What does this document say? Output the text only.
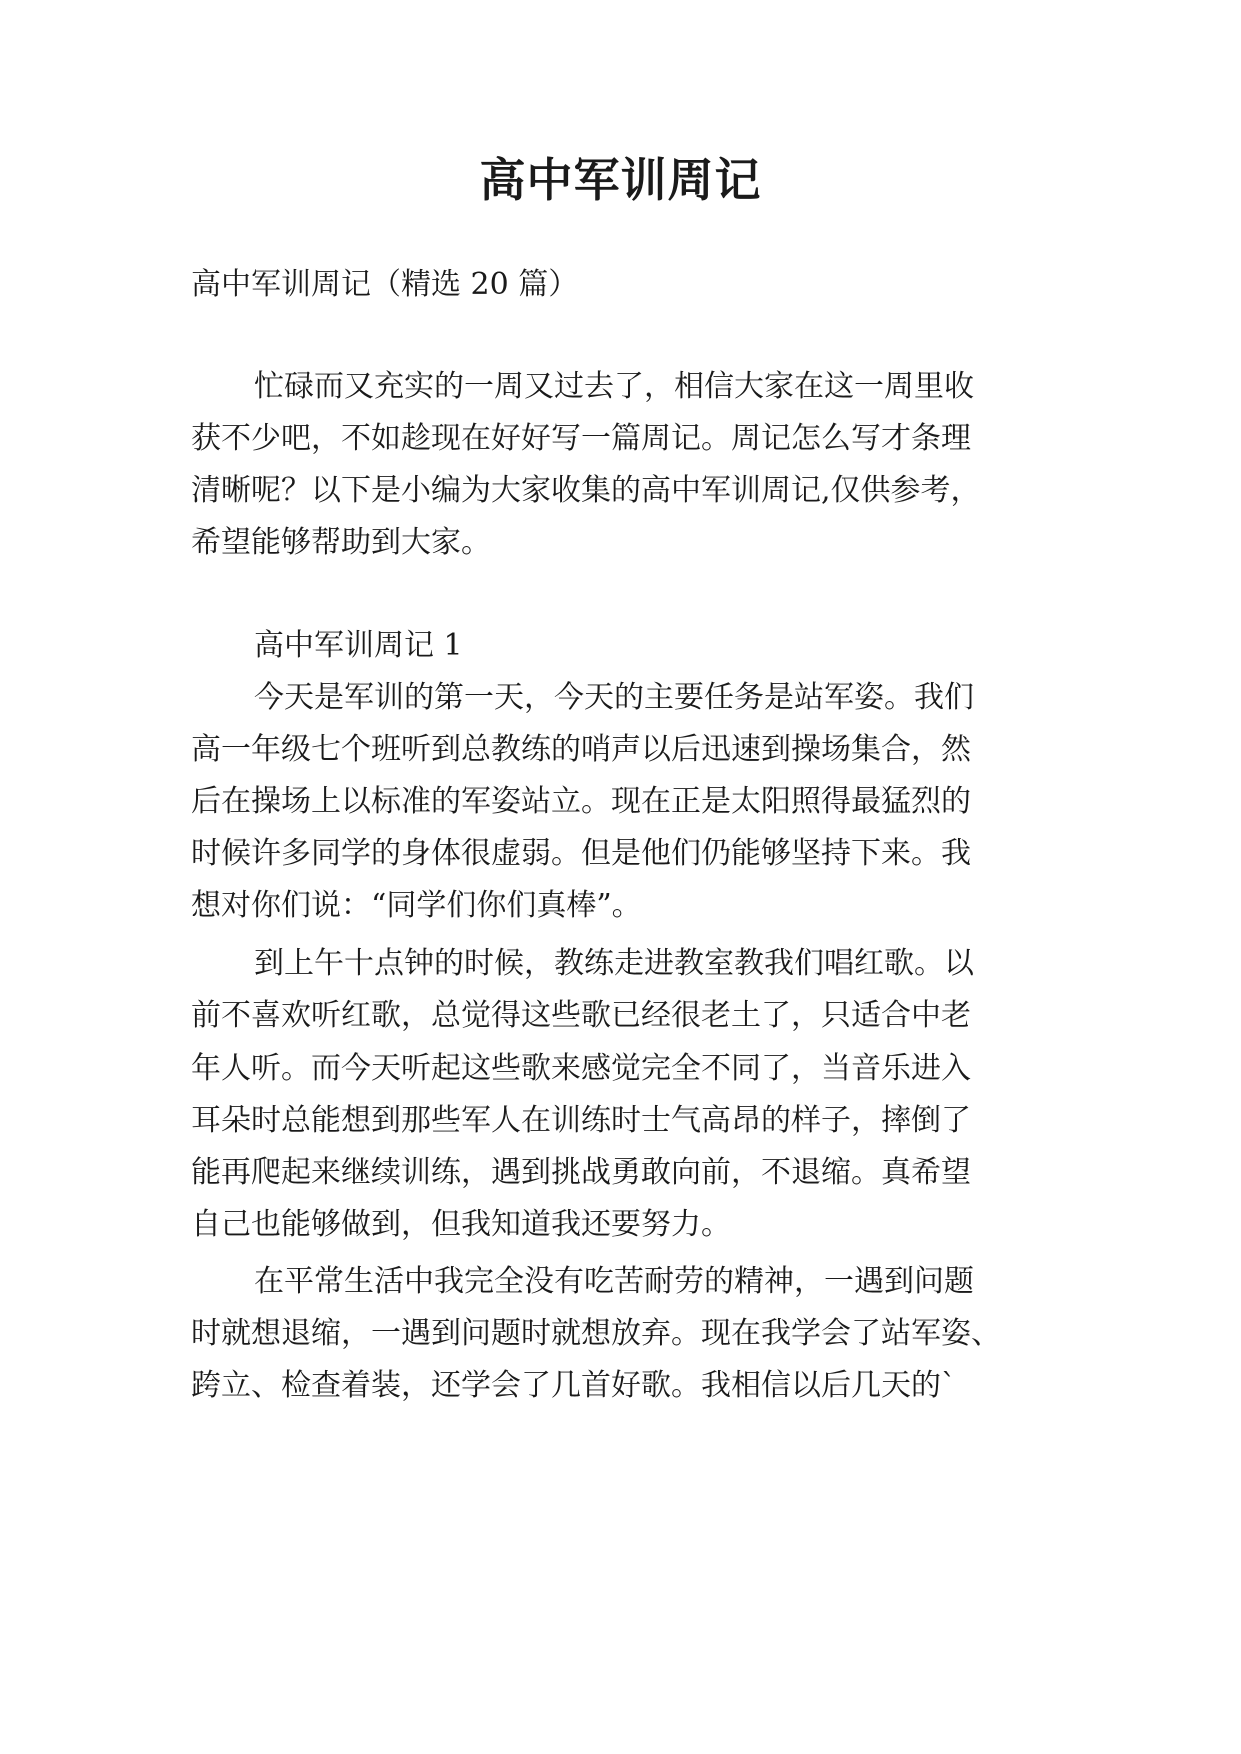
高中军训周记
高中军训周记（精选 20 篇）
忙碌而又充实的一周又过去了，相信大家在这一周里收
获不少吧，不如趁现在好好写一篇周记。周记怎么写才条理
清晰呢？以下是小编为大家收集的高中军训周记,仅供参考，
希望能够帮助到大家。
高中军训周记 1
今天是军训的第一天，今天的主要任务是站军姿。我们
高一年级七个班听到总教练的哨声以后迅速到操场集合，然
后在操场上以标准的军姿站立。现在正是太阳照得最猛烈的
时候许多同学的身体很虚弱。但是他们仍能够坚持下来。我
想对你们说：“同学们你们真棒”。
到上午十点钟的时候，教练走进教室教我们唱红歌。以
前不喜欢听红歌，总觉得这些歌已经很老土了，只适合中老
年人听。而今天听起这些歌来感觉完全不同了，当音乐进入
耳朵时总能想到那些军人在训练时士气高昂的样子，摔倒了
能再爬起来继续训练，遇到挑战勇敢向前，不退缩。真希望
自己也能够做到，但我知道我还要努力。
在平常生活中我完全没有吃苦耐劳的精神，一遇到问题
时就想退缩，一遇到问题时就想放弃。现在我学会了站军姿、
跨立、检查着装，还学会了几首好歌。我相信以后几天的`
